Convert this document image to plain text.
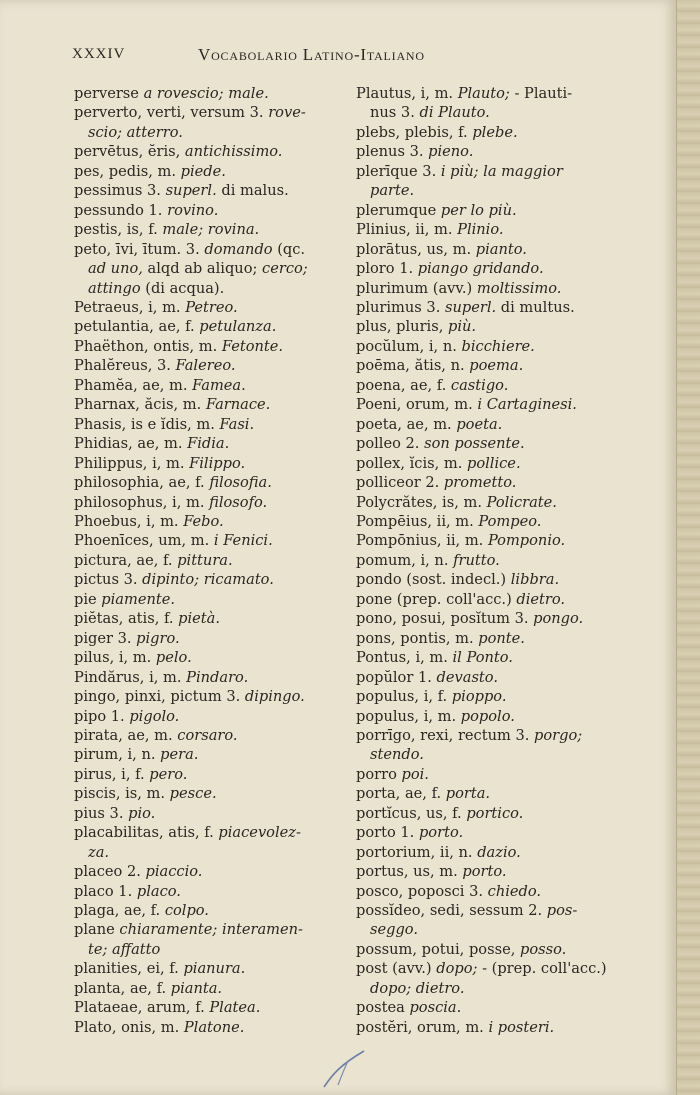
XXXIV	Vocabolario Latino-Italiano
perverse a rovescio; male.
perverto, verti, versum 3. rove-
scio; atterro.
pervētus, ĕris, antichissimo.
pes, pedis, m. piede.
pessimus 3. superl. di malus.
pessundo 1. rovino.
pestis, is, f. male; rovina.
peto, īvi, ītum. 3. domando (qc.
ad uno, alqd ab aliquo; cerco;
attingo (di acqua).
Petraeus, i, m. Petreo.
petulantia, ae, f. petulanza.
Phaëthon, ontis, m. Fetonte.
Phalĕreus, 3. Falereo.
Phamĕa, ae, m. Famea.
Pharnax, ăcis, m. Farnace.
Phasis, is e ĭdis, m. Fasi.
Phidias, ae, m. Fidia.
Philippus, i, m. Filippo.
philosophia, ae, f. filosofia.
philosophus, i, m. filosofo.
Phoebus, i, m. Febo.
Phoenīces, um, m. i Fenici.
pictura, ae, f. pittura.
pictus 3. dipinto; ricamato.
pie piamente.
piĕtas, atis, f. pietà.
piger 3. pigro.
pilus, i, m. pelo.
Pindărus, i, m. Pindaro.
pingo, pinxi, pictum 3. dipingo.
pipo 1. pigolo.
pirata, ae, m. corsaro.
pirum, i, n. pera.
pirus, i, f. pero.
piscis, is, m. pesce.
pius 3. pio.
placabilitas, atis, f. piacevolez-
za.
placeo 2. piaccio.
placo 1. placo.
plaga, ae, f. colpo.
plane chiaramente; interamen-
te; affatto
planities, ei, f. pianura.
planta, ae, f. pianta.
Plataeae, arum, f. Platea.
Plato, onis, m. Platone.
Plautus, i, m. Plauto; - Plauti-
nus 3. di Plauto.
plebs, plebis, f. plebe.
plenus 3. pieno.
plerīque 3. i più; la maggior
parte.
plerumque per lo più.
Plinius, ii, m. Plinio.
plorātus, us, m. pianto.
ploro 1. piango gridando.
plurimum (avv.) moltissimo.
plurimus 3. superl. di multus.
plus, pluris, più.
pocŭlum, i, n. bicchiere.
poēma, ătis, n. poema.
poena, ae, f. castigo.
Poeni, orum, m. i Cartaginesi.
poeta, ae, m. poeta.
polleo 2. son possente.
pollex, ĭcis, m. pollice.
polliceor 2. prometto.
Polycrătes, is, m. Policrate.
Pompēius, ii, m. Pompeo.
Pompōnius, ii, m. Pomponio.
pomum, i, n. frutto.
pondo (sost. indecl.) libbra.
pone (prep. coll'acc.) dietro.
pono, posui, posĭtum 3. pongo.
pons, pontis, m. ponte.
Pontus, i, m. il Ponto.
popŭlor 1. devasto.
populus, i, f. pioppo.
populus, i, m. popolo.
porrīgo, rexi, rectum 3. porgo;
stendo.
porro poi.
porta, ae, f. porta.
portĭcus, us, f. portico.
porto 1. porto.
portorium, ii, n. dazio.
portus, us, m. porto.
posco, poposci 3. chiedo.
possĭdeo, sedi, sessum 2. pos-
seggo.
possum, potui, posse, posso.
post (avv.) dopo; - (prep. coll'acc.)
dopo; dietro.
postea poscia.
postĕri, orum, m. i posteri.
